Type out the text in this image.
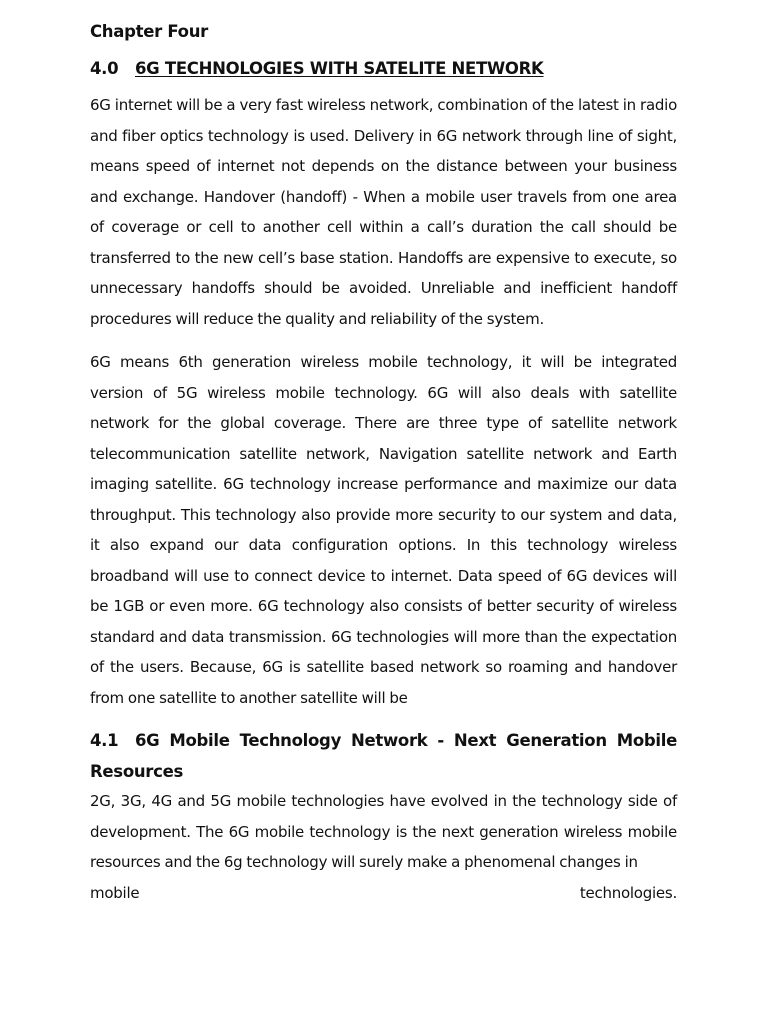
Chapter Four
4.0 6G TECHNOLOGIES WITH SATELITE NETWORK
6G internet will be a very fast wireless network, combination of the latest in radio and fiber optics technology is used. Delivery in 6G network through line of sight, means speed of internet not depends on the distance between your business and exchange. Handover (handoff) - When a mobile user travels from one area of coverage or cell to another cell within a call’s duration the call should be transferred to the new cell’s base station. Handoffs are expensive to execute, so unnecessary handoffs should be avoided. Unreliable and inefficient handoff procedures will reduce the quality and reliability of the system.
6G means 6th generation wireless mobile technology, it will be integrated version of 5G wireless mobile technology. 6G will also deals with satellite network for the global coverage. There are three type of satellite network telecommunication satellite network, Navigation satellite network and Earth imaging satellite. 6G technology increase performance and maximize our data throughput. This technology also provide more security to our system and data, it also expand our data configuration options. In this technology wireless broadband will use to connect device to internet. Data speed of 6G devices will be 1GB or even more. 6G technology also consists of better security of wireless standard and data transmission. 6G technologies will more than the expectation of the users. Because, 6G is satellite based network so roaming and handover from one satellite to another satellite will be
4.1 6G Mobile Technology Network - Next Generation Mobile Resources
2G, 3G, 4G and 5G mobile technologies have evolved in the technology side of development. The 6G mobile technology is the next generation wireless mobile resources and the 6g technology will surely make a phenomenal changes in
mobile	technologies.
